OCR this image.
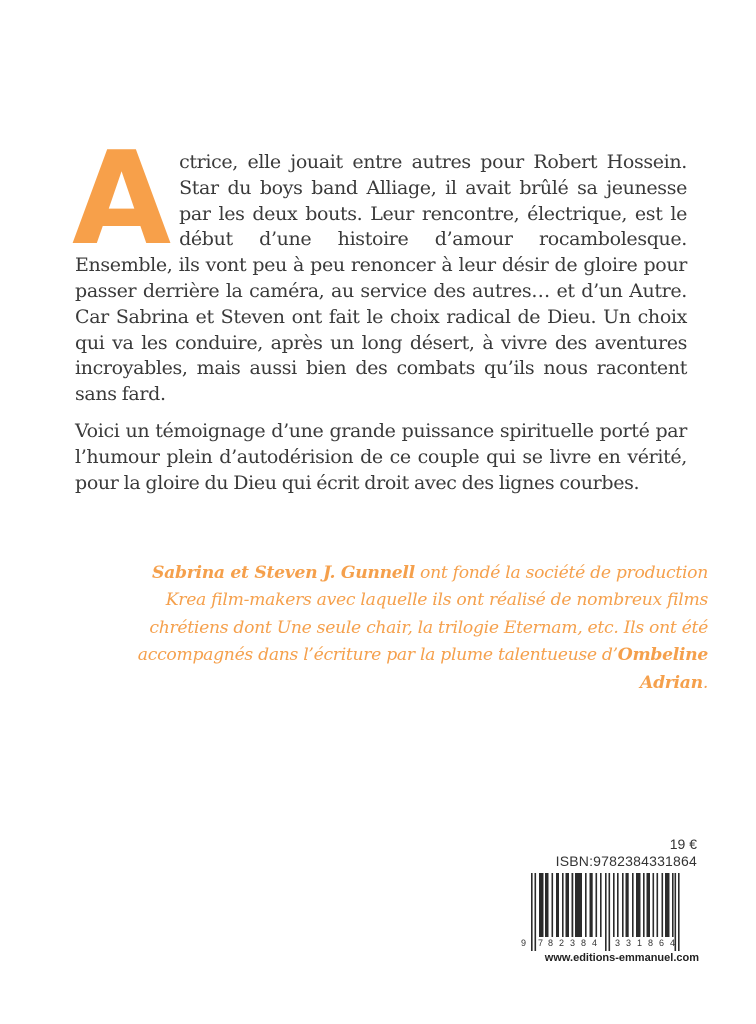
Actrice, elle jouait entre autres pour Robert Hossein. Star du boys band Alliage, il avait brûlé sa jeunesse par les deux bouts. Leur rencontre, électrique, est le début d’une histoire d’amour rocambolesque. Ensemble, ils vont peu à peu renoncer à leur désir de gloire pour passer derrière la caméra, au service des autres… et d’un Autre. Car Sabrina et Steven ont fait le choix radical de Dieu. Un choix qui va les conduire, après un long désert, à vivre des aventures incroyables, mais aussi bien des combats qu’ils nous racontent sans fard.

Voici un témoignage d’une grande puissance spirituelle porté par l’humour plein d’autodérision de ce couple qui se livre en vérité, pour la gloire du Dieu qui écrit droit avec des lignes courbes.

Sabrina et Steven J. Gunnell ont fondé la société de production Krea film-makers avec laquelle ils ont réalisé de nombreux films chrétiens dont Une seule chair, la trilogie Eternam, etc. Ils ont été accompagnés dans l’écriture par la plume talentueuse d’Ombeline Adrian.
19 €
ISBN:9782384331864
9 7 8 2 3 8 4 3 3 1 8 6 4
www.editions-emmanuel.com
